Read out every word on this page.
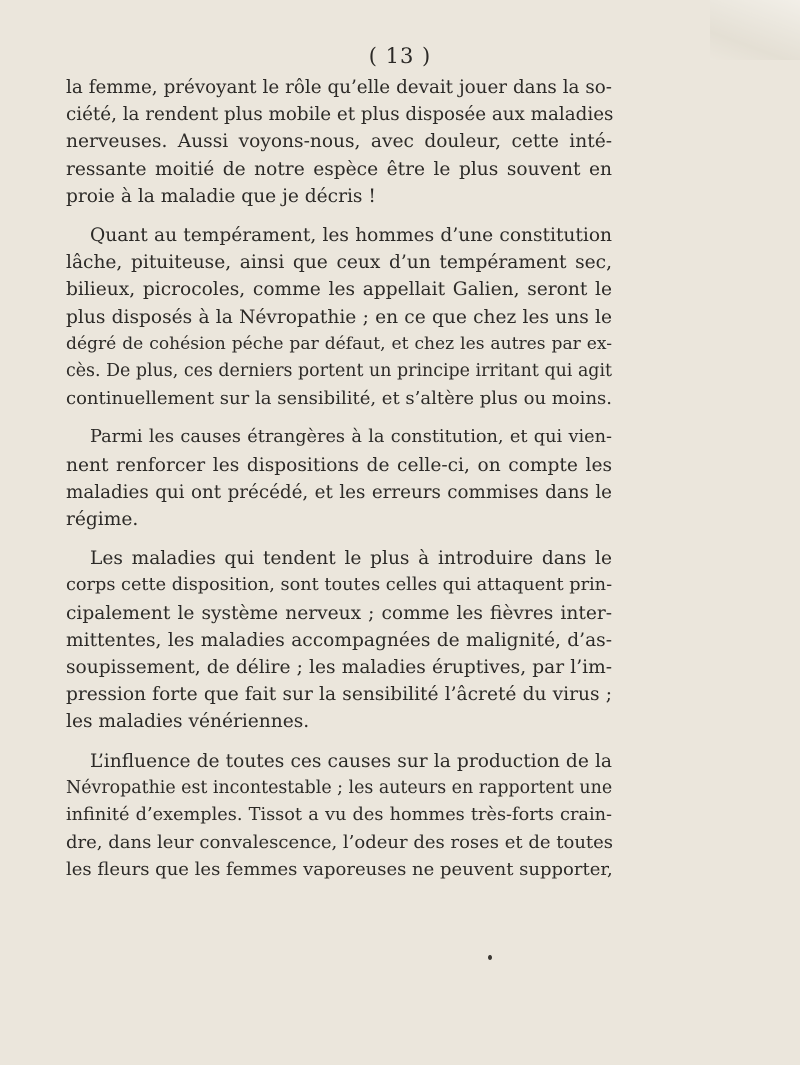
( 13 )
la femme, prévoyant le rôle qu’elle devait jouer dans la so-
ciété, la rendent plus mobile et plus disposée aux maladies
nerveuses. Aussi voyons-nous, avec douleur, cette inté-
ressante moitié de notre espèce être le plus souvent en
proie à la maladie que je décris !
Quant au tempérament, les hommes d’une constitution
lâche, pituiteuse, ainsi que ceux d’un tempérament sec,
bilieux, picrocoles, comme les appellait Galien, seront le
plus disposés à la Névropathie ; en ce que chez les uns le
dégré de cohésion péche par défaut, et chez les autres par ex-
cès. De plus, ces derniers portent un principe irritant qui agit
continuellement sur la sensibilité, et s’altère plus ou moins.
Parmi les causes étrangères à la constitution, et qui vien-
nent renforcer les dispositions de celle-ci, on compte les
maladies qui ont précédé, et les erreurs commises dans le
régime.
Les maladies qui tendent le plus à introduire dans le
corps cette disposition, sont toutes celles qui attaquent prin-
cipalement le système nerveux ; comme les fièvres inter-
mittentes, les maladies accompagnées de malignité, d’as-
soupissement, de délire ; les maladies éruptives, par l’im-
pression forte que fait sur la sensibilité l’âcreté du virus ;
les maladies vénériennes.
L’influence de toutes ces causes sur la production de la
Névropathie est incontestable ; les auteurs en rapportent une
infinité d’exemples. Tissot a vu des hommes très-forts crain-
dre, dans leur convalescence, l’odeur des roses et de toutes
les fleurs que les femmes vaporeuses ne peuvent supporter,
